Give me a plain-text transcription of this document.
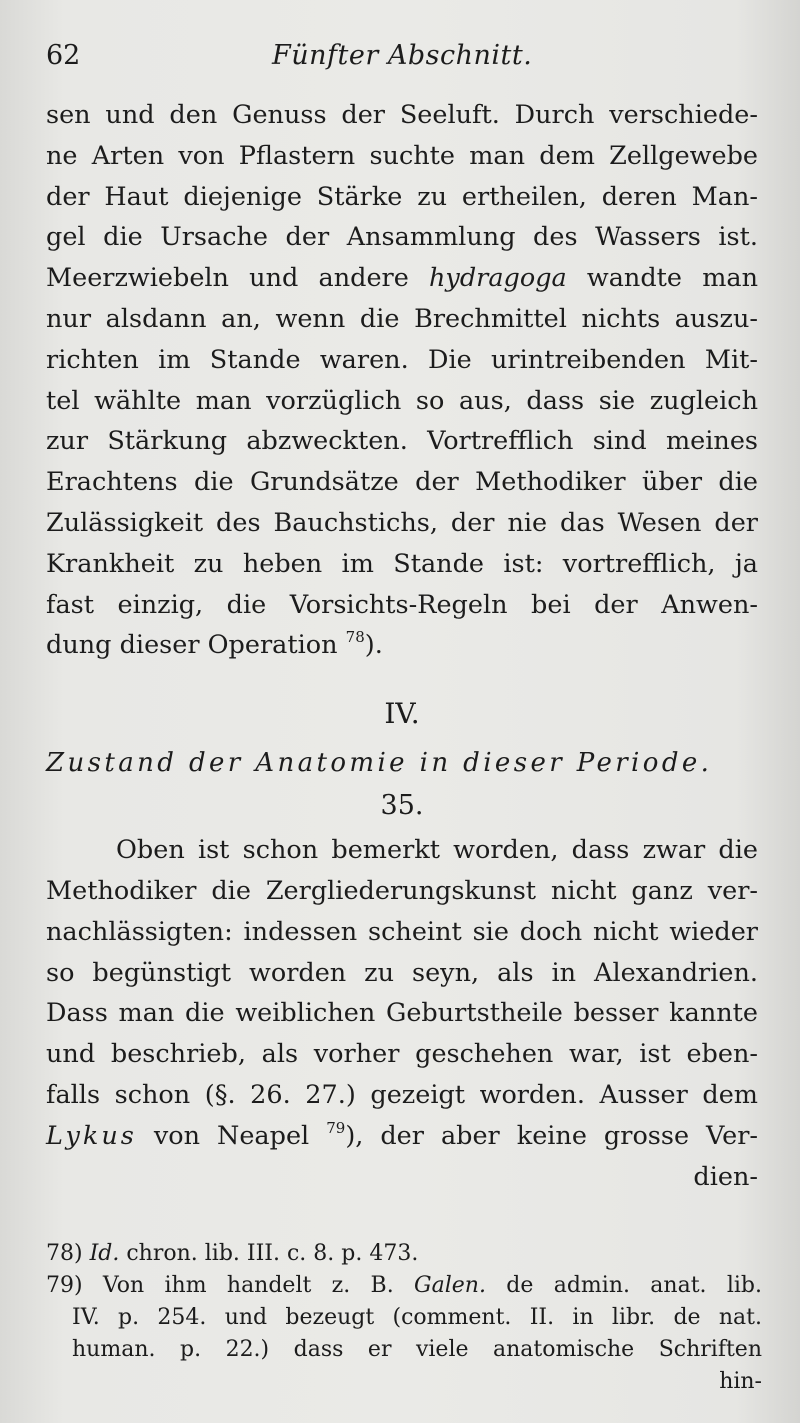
62	Fünfter Abschnitt.
sen und den Genuss der Seeluft. Durch verschiede-
ne Arten von Pflastern suchte man dem Zellgewebe
der Haut diejenige Stärke zu ertheilen, deren Man-
gel die Ursache der Ansammlung des Wassers ist.
Meerzwiebeln und andere hydragoga wandte man
nur alsdann an, wenn die Brechmittel nichts auszu-
richten im Stande waren. Die urintreibenden Mit-
tel wählte man vorzüglich so aus, dass sie zugleich
zur Stärkung abzweckten. Vortrefflich sind meines
Erachtens die Grundsätze der Methodiker über die
Zulässigkeit des Bauchstichs, der nie das Wesen der
Krankheit zu heben im Stande ist: vortrefflich, ja
fast einzig, die Vorsichts-Regeln bei der Anwen-
dung dieser Operation $^{78}$).
IV.
Zustand der Anatomie in dieser Periode.
35.
Oben ist schon bemerkt worden, dass zwar die
Methodiker die Zergliederungskunst nicht ganz ver-
nachlässigten: indessen scheint sie doch nicht wieder
so begünstigt worden zu seyn, als in Alexandrien.
Dass man die weiblichen Geburtstheile besser kannte
und beschrieb, als vorher geschehen war, ist eben-
falls schon (§. 26. 27.) gezeigt worden. Ausser dem
Lykus von Neapel $^{79}$), der aber keine grosse Ver-
dien-
78) Id. chron. lib. III. c. 8. p. 473.
79) Von ihm handelt z. B. Galen. de admin. anat. lib.
IV. p. 254. und bezeugt (comment. II. in libr. de nat.
human. p. 22.) dass er viele anatomische Schriften
hin-
